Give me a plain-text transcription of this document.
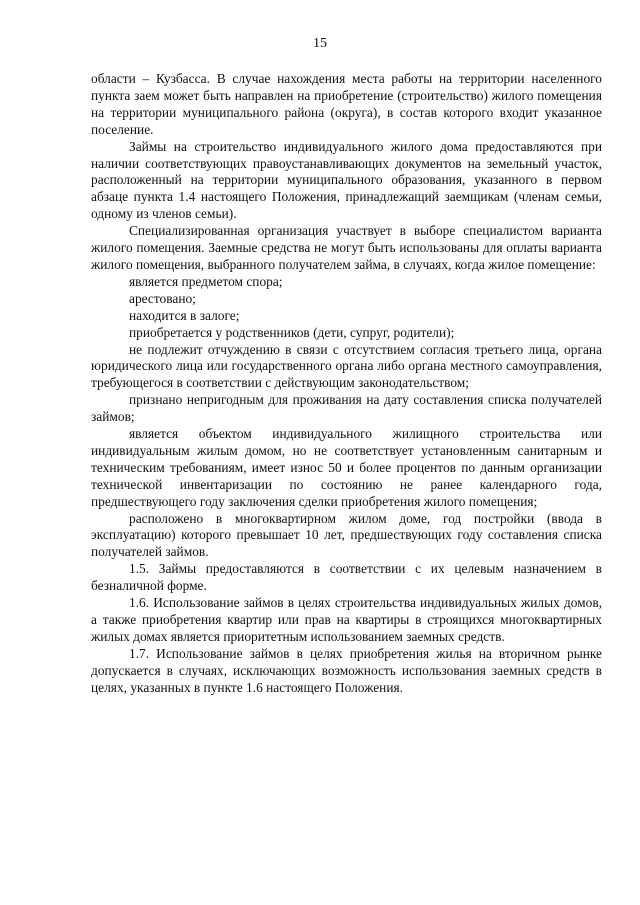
15

области – Кузбасса. В случае нахождения места работы на территории населенного пункта заем может быть направлен на приобретение (строительство) жилого помещения на территории муниципального района (округа), в состав которого входит указанное поселение.

Займы на строительство индивидуального жилого дома предоставляются при наличии соответствующих правоустанавливающих документов на земельный участок, расположенный на территории муниципального образования, указанного в первом абзаце пункта 1.4 настоящего Положения, принадлежащий заемщикам (членам семьи, одному из членов семьи).

Специализированная организация участвует в выборе специалистом варианта жилого помещения. Заемные средства не могут быть использованы для оплаты варианта жилого помещения, выбранного получателем займа, в случаях, когда жилое помещение:

является предметом спора;

арестовано;

находится в залоге;

приобретается у родственников (дети, супруг, родители);

не подлежит отчуждению в связи с отсутствием согласия третьего лица, органа юридического лица или государственного органа либо органа местного самоуправления, требующегося в соответствии с действующим законодательством;

признано непригодным для проживания на дату составления списка получателей займов;

является объектом индивидуального жилищного строительства или индивидуальным жилым домом, но не соответствует установленным санитарным и техническим требованиям, имеет износ 50 и более процентов по данным организации технической инвентаризации по состоянию не ранее календарного года, предшествующего году заключения сделки приобретения жилого помещения;

расположено в многоквартирном жилом доме, год постройки (ввода в эксплуатацию) которого превышает 10 лет, предшествующих году составления списка получателей займов.

1.5. Займы предоставляются в соответствии с их целевым назначением в безналичной форме.

1.6. Использование займов в целях строительства индивидуальных жилых домов, а также приобретения квартир или прав на квартиры в строящихся многоквартирных жилых домах является приоритетным использованием заемных средств.

1.7. Использование займов в целях приобретения жилья на вторичном рынке допускается в случаях, исключающих возможность использования заемных средств в целях, указанных в пункте 1.6 настоящего Положения.
